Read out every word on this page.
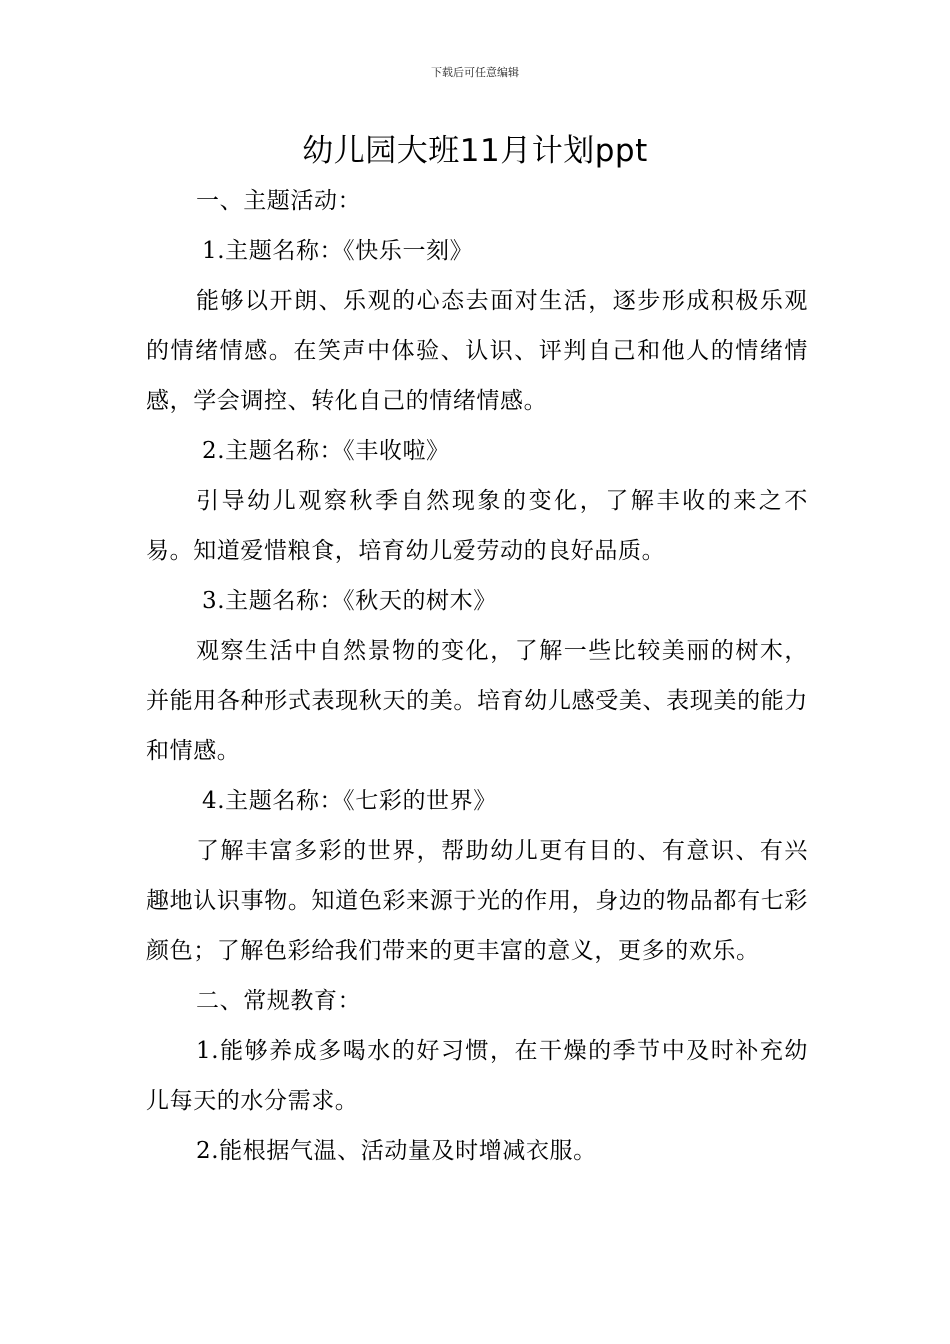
下载后可任意编辑
幼儿园大班11月计划ppt

一、主题活动：

1.主题名称：《快乐一刻》

能够以开朗、乐观的心态去面对生活，逐步形成积极乐观的情绪情感。在笑声中体验、认识、评判自己和他人的情绪情感，学会调控、转化自己的情绪情感。

2.主题名称：《丰收啦》

引导幼儿观察秋季自然现象的变化，了解丰收的来之不易。知道爱惜粮食，培育幼儿爱劳动的良好品质。

3.主题名称：《秋天的树木》

观察生活中自然景物的变化，了解一些比较美丽的树木，并能用各种形式表现秋天的美。培育幼儿感受美、表现美的能力和情感。

4.主题名称：《七彩的世界》

了解丰富多彩的世界，帮助幼儿更有目的、有意识、有兴趣地认识事物。知道色彩来源于光的作用，身边的物品都有七彩颜色；了解色彩给我们带来的更丰富的意义，更多的欢乐。

二、常规教育：

1.能够养成多喝水的好习惯，在干燥的季节中及时补充幼儿每天的水分需求。

2.能根据气温、活动量及时增减衣服。
